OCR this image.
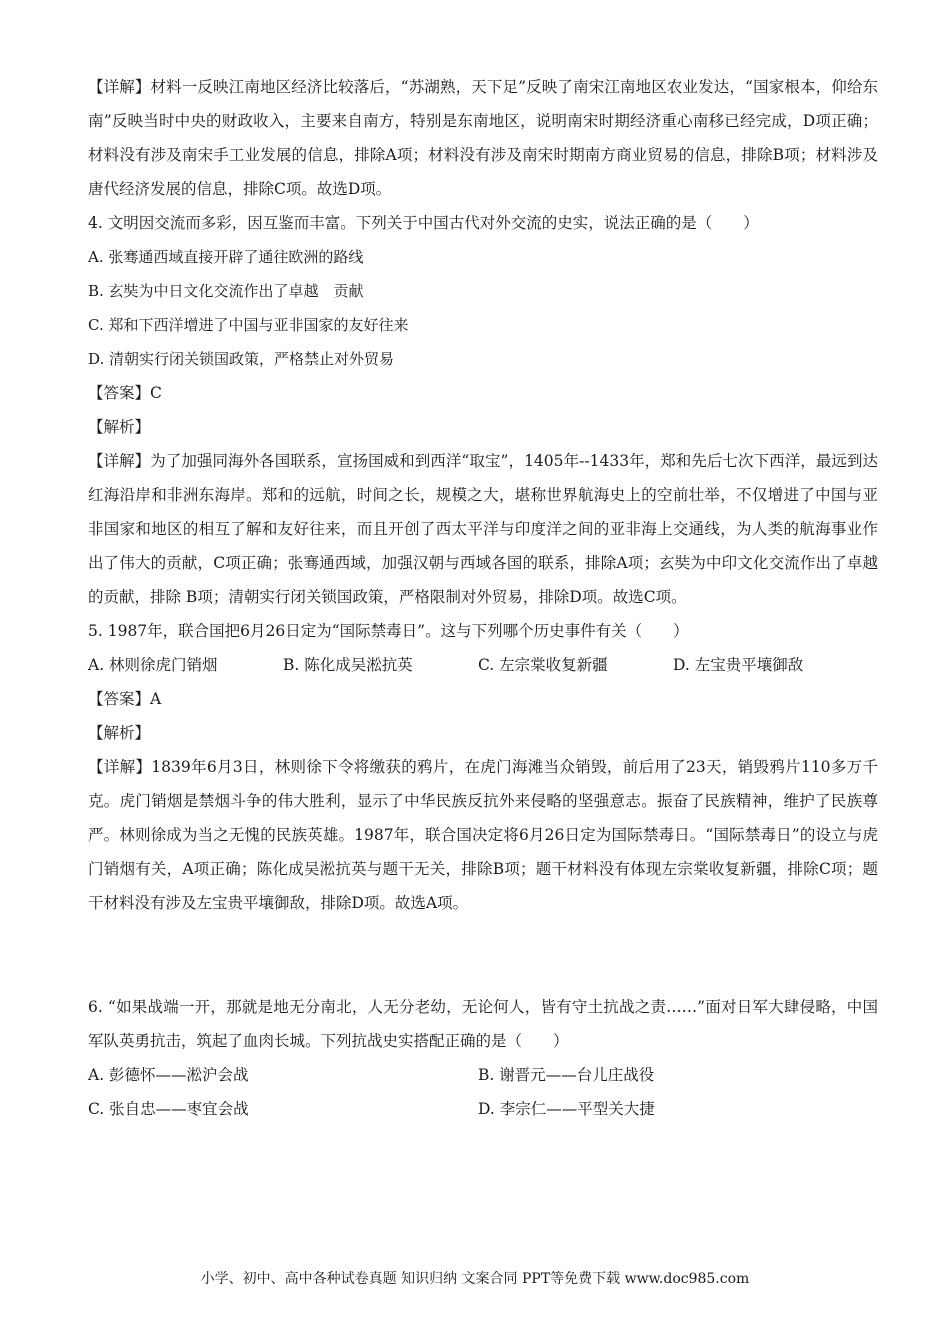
【详解】材料一反映江南地区经济比较落后，“苏湖熟，天下足”反映了南宋江南地区农业发达，“国家根本，仰给东南”反映当时中央的财政收入，主要来自南方，特别是东南地区，说明南宋时期经济重心南移已经完成，D项正确；材料没有涉及南宋手工业发展的信息，排除A项；材料没有涉及南宋时期南方商业贸易的信息，排除B项；材料涉及唐代经济发展的信息，排除C项。故选D项。

4. 文明因交流而多彩，因互鉴而丰富。下列关于中国古代对外交流的史实，说法正确的是（　　）

A. 张骞通西域直接开辟了通往欧洲的路线
B. 玄奘为中日文化交流作出了卓越　贡献
C. 郑和下西洋增进了中国与亚非国家的友好往来
D. 清朝实行闭关锁国政策，严格禁止对外贸易
【答案】C
【解析】

【详解】为了加强同海外各国联系，宣扬国威和到西洋“取宝”，1405年--1433年，郑和先后七次下西洋，最远到达红海沿岸和非洲东海岸。郑和的远航，时间之长，规模之大，堪称世界航海史上的空前壮举，不仅增进了中国与亚非国家和地区的相互了解和友好往来，而且开创了西太平洋与印度洋之间的亚非海上交通线，为人类的航海事业作出了伟大的贡献，C项正确；张骞通西域，加强汉朝与西域各国的联系，排除A项；玄奘为中印文化交流作出了卓越的贡献，排除 B项；清朝实行闭关锁国政策，严格限制对外贸易，排除D项。故选C项。

5. 1987年，联合国把6月26日定为“国际禁毒日”。这与下列哪个历史事件有关（　　）

A. 林则徐虎门销烟	B. 陈化成吴淞抗英	C. 左宗棠收复新疆	D. 左宝贵平壤御敌
【答案】A
【解析】

【详解】1839年6月3日，林则徐下令将缴获的鸦片，在虎门海滩当众销毁，前后用了23天，销毁鸦片110多万千克。虎门销烟是禁烟斗争的伟大胜利，显示了中华民族反抗外来侵略的坚强意志。振奋了民族精神，维护了民族尊严。林则徐成为当之无愧的民族英雄。1987年，联合国决定将6月26日定为国际禁毒日。“国际禁毒日”的设立与虎门销烟有关，A项正确；陈化成吴淞抗英与题干无关，排除B项；题干材料没有体现左宗棠收复新疆，排除C项；题干材料没有涉及左宝贵平壤御敌，排除D项。故选A项。

6. “如果战端一开，那就是地无分南北，人无分老幼，无论何人，皆有守土抗战之责……”面对日军大肆侵略，中国军队英勇抗击，筑起了血肉长城。下列抗战史实搭配正确的是（　　）

A. 彭德怀——淞沪会战	B. 谢晋元——台儿庄战役
C. 张自忠——枣宜会战	D. 李宗仁——平型关大捷
小学、初中、高中各种试卷真题 知识归纳 文案合同 PPT等免费下载 www.doc985.com
